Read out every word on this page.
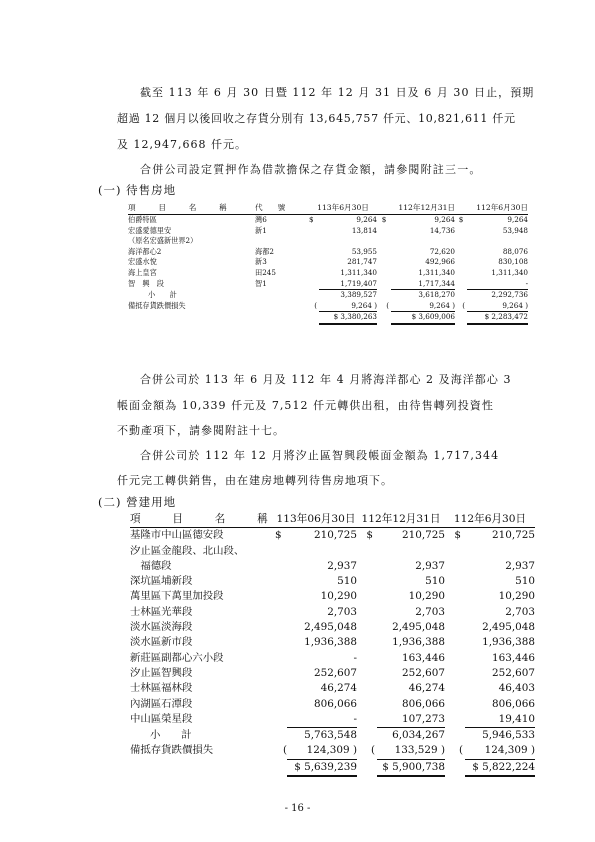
截至 113 年 6 月 30 日暨 112 年 12 月 31 日及 6 月 30 日止，預期
超過 12 個月以後回收之存貨分別有 13,645,757 仟元、10,821,611 仟元
及 12,947,668 仟元。
合併公司設定質押作為借款擔保之存貨金額，請參閱附註三一。
(一) 待售房地
項　　　目　　　名　　　稱	代　　號	113年6月30日		112年12月31日		112年6月30日	
伯爵特區	灣6	$	9,264	$	9,264	$	9,264
宏盛愛德里安	新1		13,814		14,736		53,948
（原名宏盛新世界2）							
海洋都心2	海都2		53,955		72,620		88,076
宏盛水悅	新3		281,747		492,966		830,108
海上皇宮	田245		1,311,340		1,311,340		1,311,340
智　興　段	智1		1,719,407		1,717,344		-
小　　計			3,389,527		3,618,270		2,292,736
備抵存貨跌價損失		(	9,264 )	(	9,264 )	(	9,264 )
			$ 3,380,263		$ 3,609,006		$ 2,283,472
合併公司於 113 年 6 月及 112 年 4 月將海洋都心 2 及海洋都心 3
帳面金額為 10,339 仟元及 7,512 仟元轉供出租，由待售轉列投資性
不動產項下，請參閱附註十七。
合併公司於 112 年 12 月將汐止區智興段帳面金額為 1,717,344
仟元完工轉供銷售，由在建房地轉列待售房地項下。
(二) 營建用地
項　　　目　　　名　　　稱	113年06月30日		112年12月31日		112年6月30日	
基隆市中山區德安段	$	210,725	$	210,725	$	210,725
汐止區金龍段、北山段、						
　福德段		2,937		2,937		2,937
深坑區埔新段		510		510		510
萬里區下萬里加投段		10,290		10,290		10,290
士林區光華段		2,703		2,703		2,703
淡水區淡海段		2,495,048		2,495,048		2,495,048
淡水區新市段		1,936,388		1,936,388		1,936,388
新莊區副都心六小段		-		163,446		163,446
汐止區智興段		252,607		252,607		252,607
士林區福林段		46,274		46,274		46,403
內湖區石潭段		806,066		806,066		806,066
中山區榮星段		-		107,273		19,410
小　　計		5,763,548		6,034,267		5,946,533
備抵存貨跌價損失	(	124,309 )	(	133,529 )	(	124,309 )
		$ 5,639,239		$ 5,900,738		$ 5,822,224
- 16 -
